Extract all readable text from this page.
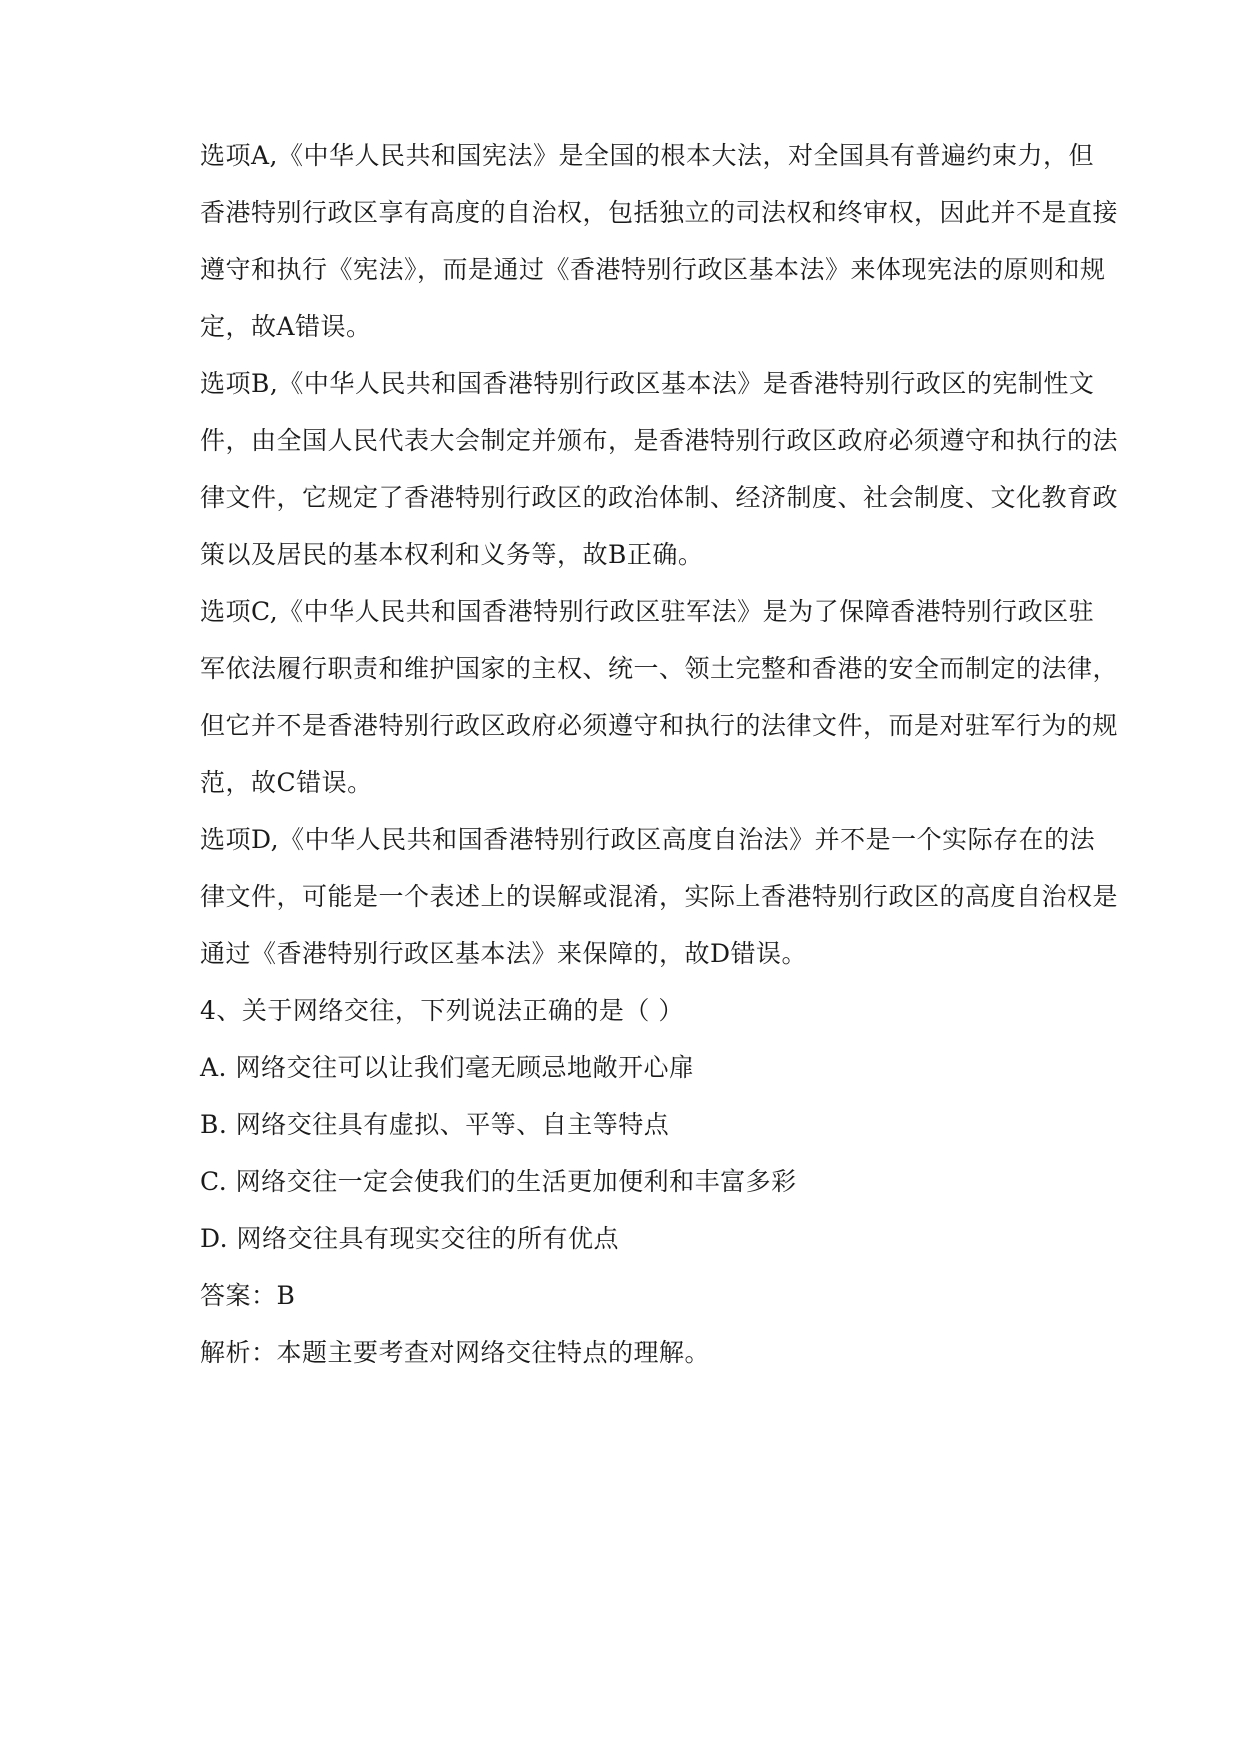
选项A,《中华人民共和国宪法》是全国的根本大法，对全国具有普遍约束力，但
香港特别行政区享有高度的自治权，包括独立的司法权和终审权，因此并不是直接
遵守和执行《宪法》，而是通过《香港特别行政区基本法》来体现宪法的原则和规
定，故A错误。
选项B,《中华人民共和国香港特别行政区基本法》是香港特别行政区的宪制性文
件，由全国人民代表大会制定并颁布，是香港特别行政区政府必须遵守和执行的法
律文件，它规定了香港特别行政区的政治体制、经济制度、社会制度、文化教育政
策以及居民的基本权利和义务等，故B正确。
选项C,《中华人民共和国香港特别行政区驻军法》是为了保障香港特别行政区驻
军依法履行职责和维护国家的主权、统一、领土完整和香港的安全而制定的法律，
但它并不是香港特别行政区政府必须遵守和执行的法律文件，而是对驻军行为的规
范，故C错误。
选项D,《中华人民共和国香港特别行政区高度自治法》并不是一个实际存在的法
律文件，可能是一个表述上的误解或混淆，实际上香港特别行政区的高度自治权是
通过《香港特别行政区基本法》来保障的，故D错误。
4、关于网络交往，下列说法正确的是（ ）
A. 网络交往可以让我们毫无顾忌地敞开心扉
B. 网络交往具有虚拟、平等、自主等特点
C. 网络交往一定会使我们的生活更加便利和丰富多彩
D. 网络交往具有现实交往的所有优点
答案：B
解析：本题主要考查对网络交往特点的理解。
